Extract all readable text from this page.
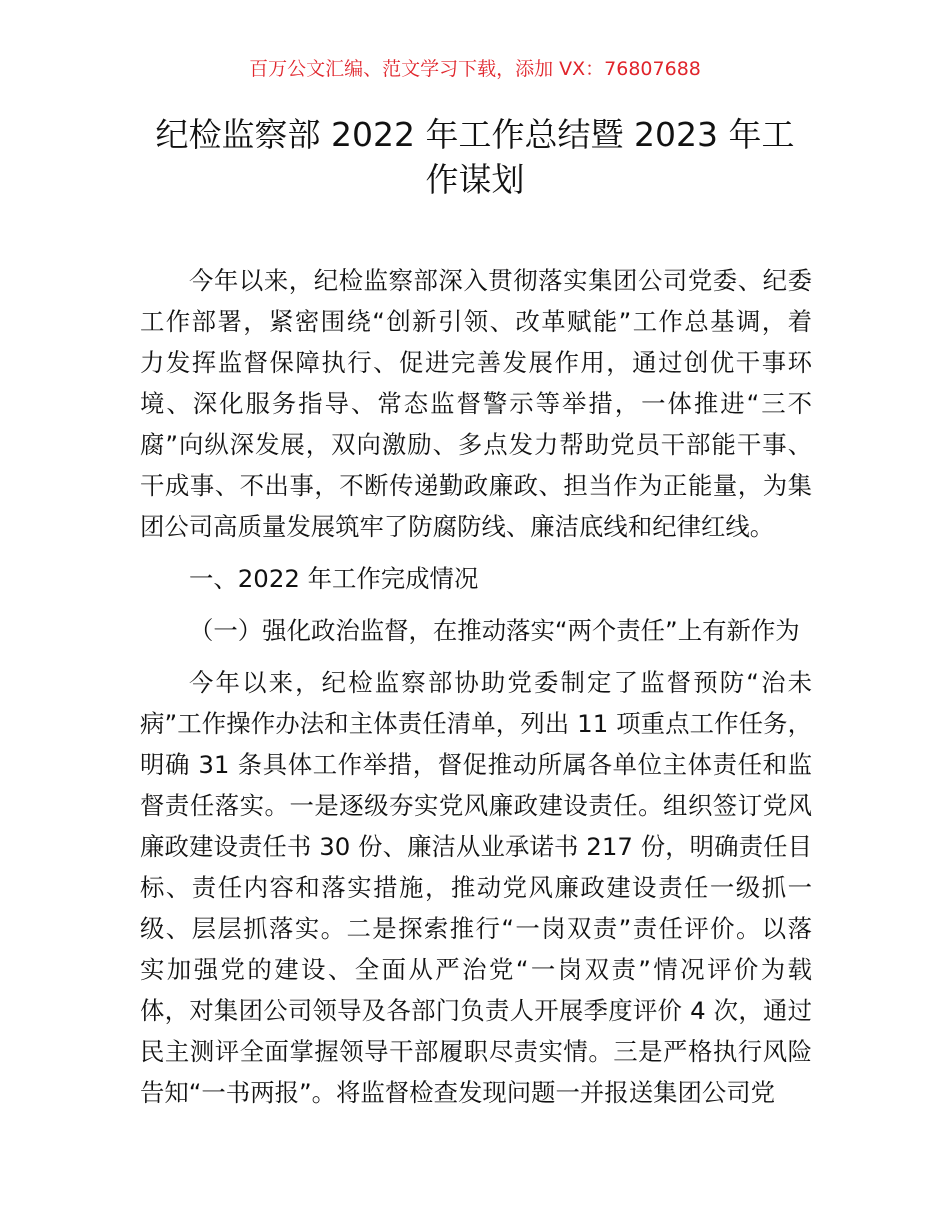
百万公文汇编、范文学习下载，添加 VX：76807688
纪检监察部 2022 年工作总结暨 2023 年工
作谋划
今年以来，纪检监察部深入贯彻落实集团公司党委、纪委
工作部署，紧密围绕“创新引领、改革赋能”工作总基调，着
力发挥监督保障执行、促进完善发展作用，通过创优干事环
境、深化服务指导、常态监督警示等举措，一体推进“三不
腐”向纵深发展，双向激励、多点发力帮助党员干部能干事、
干成事、不出事，不断传递勤政廉政、担当作为正能量，为集
团公司高质量发展筑牢了防腐防线、廉洁底线和纪律红线。
一、2022 年工作完成情况
（一）强化政治监督，在推动落实“两个责任”上有新作为
今年以来，纪检监察部协助党委制定了监督预防“治未
病”工作操作办法和主体责任清单，列出 11 项重点工作任务，
明确 31 条具体工作举措，督促推动所属各单位主体责任和监
督责任落实。一是逐级夯实党风廉政建设责任。组织签订党风
廉政建设责任书 30 份、廉洁从业承诺书 217 份，明确责任目
标、责任内容和落实措施，推动党风廉政建设责任一级抓一
级、层层抓落实。二是探索推行“一岗双责”责任评价。以落
实加强党的建设、全面从严治党“一岗双责”情况评价为载
体，对集团公司领导及各部门负责人开展季度评价 4 次，通过
民主测评全面掌握领导干部履职尽责实情。三是严格执行风险
告知“一书两报”。将监督检查发现问题一并报送集团公司党
